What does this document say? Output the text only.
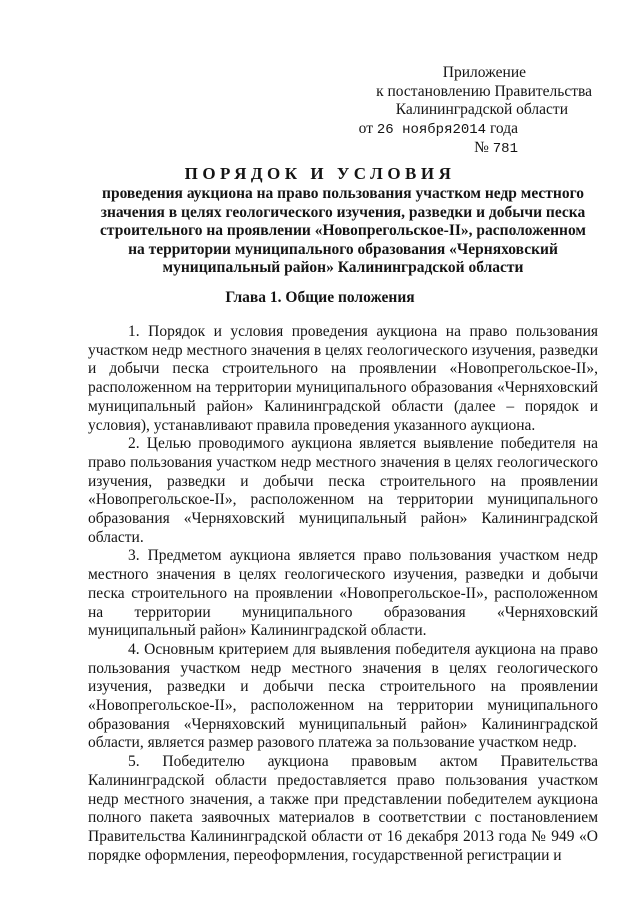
Приложение
к постановлению Правительства
Калининградской области
от 26 ноября2014 года № 781
ПОРЯДОК И УСЛОВИЯ
проведения аукциона на право пользования участком недр местного значения в целях геологического изучения, разведки и добычи песка строительного на проявлении «Новопрегольское-II», расположенном на территории муниципального образования «Черняховский муниципальный район» Калининградской области
Глава 1. Общие положения

1. Порядок и условия проведения аукциона на право пользования участком недр местного значения в целях геологического изучения, разведки и добычи песка строительного на проявлении «Новопрегольское-II», расположенном на территории муниципального образования «Черняховский муниципальный район» Калининградской области (далее – порядок и условия), устанавливают правила проведения указанного аукциона.

2. Целью проводимого аукциона является выявление победителя на право пользования участком недр местного значения в целях геологического изучения, разведки и добычи песка строительного на проявлении «Новопрегольское-II», расположенном на территории муниципального образования «Черняховский муниципальный район» Калининградской области.

3. Предметом аукциона является право пользования участком недр местного значения в целях геологического изучения, разведки и добычи песка строительного на проявлении «Новопрегольское-II», расположенном на территории муниципального образования «Черняховский муниципальный район» Калининградской области.

4. Основным критерием для выявления победителя аукциона на право пользования участком недр местного значения в целях геологического изучения, разведки и добычи песка строительного на проявлении «Новопрегольское-II», расположенном на территории муниципального образования «Черняховский муниципальный район» Калининградской области, является размер разового платежа за пользование участком недр.

5. Победителю аукциона правовым актом Правительства Калининградской области предоставляется право пользования участком недр местного значения, а также при представлении победителем аукциона полного пакета заявочных материалов в соответствии с постановлением Правительства Калининградской области от 16 декабря 2013 года № 949 «О порядке оформления, переоформления, государственной регистрации и
